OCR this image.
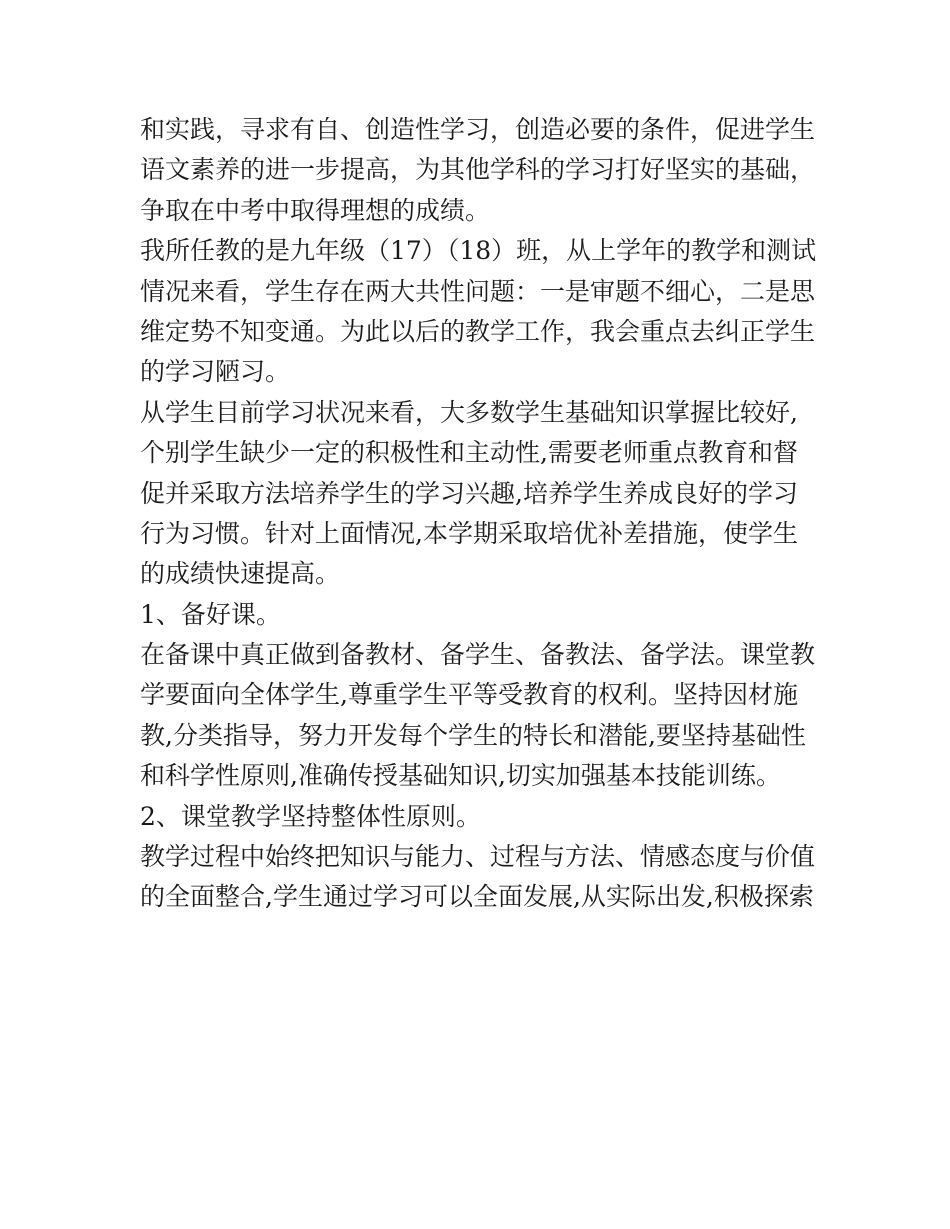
和实践，寻求有自、创造性学习，创造必要的条件，促进学生
语文素养的进一步提高，为其他学科的学习打好坚实的基础，
争取在中考中取得理想的成绩。
我所任教的是九年级（17）（18）班，从上学年的教学和测试
情况来看，学生存在两大共性问题：一是审题不细心，二是思
维定势不知变通。为此以后的教学工作，我会重点去纠正学生
的学习陋习。
从学生目前学习状况来看，大多数学生基础知识掌握比较好,
个别学生缺少一定的积极性和主动性,需要老师重点教育和督
促并采取方法培养学生的学习兴趣,培养学生养成良好的学习
行为习惯。针对上面情况,本学期采取培优补差措施，使学生
的成绩快速提高。
1、备好课。
在备课中真正做到备教材、备学生、备教法、备学法。课堂教
学要面向全体学生,尊重学生平等受教育的权利。坚持因材施
教,分类指导，努力开发每个学生的特长和潜能,要坚持基础性
和科学性原则,准确传授基础知识,切实加强基本技能训练。
2、课堂教学坚持整体性原则。
教学过程中始终把知识与能力、过程与方法、情感态度与价值
的全面整合,学生通过学习可以全面发展,从实际出发,积极探索
